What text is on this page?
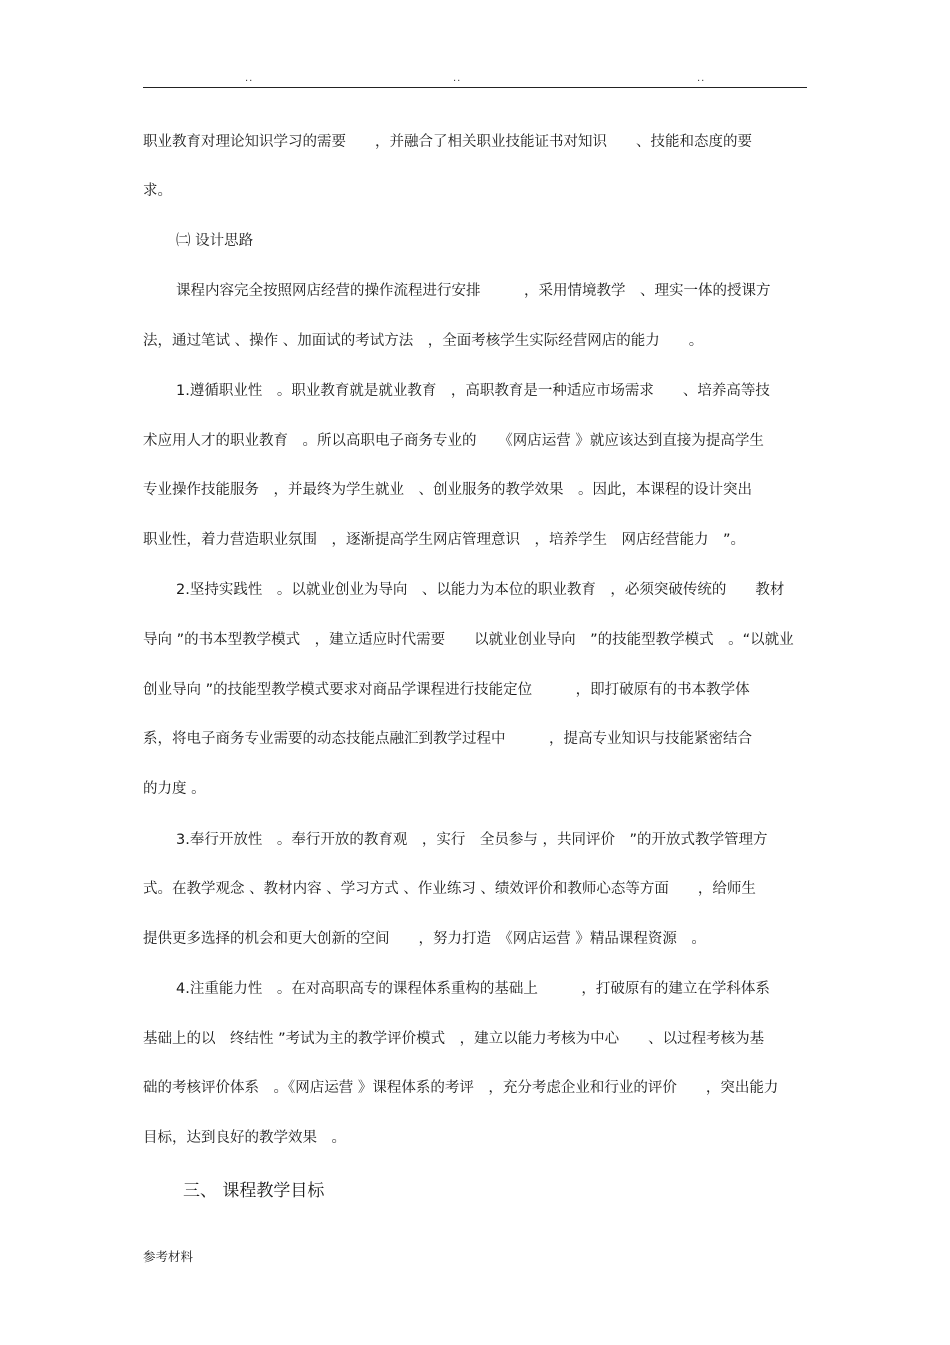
..	..	..
职业教育对理论知识学习的需要　　，并融合了相关职业技能证书对知识　　、技能和态度的要
求。
㈡ 设计思路
课程内容完全按照网店经营的操作流程进行安排　　　，采用情境教学　、理实一体的授课方
法，通过笔试 、操作 、加面试的考试方法　，全面考核学生实际经营网店的能力　　。
1.遵循职业性　。职业教育就是就业教育　，高职教育是一种适应市场需求　　、培养高等技
术应用人才的职业教育　。所以高职电子商务专业的　　《网店运营 》就应该达到直接为提高学生
专业操作技能服务　，并最终为学生就业　、创业服务的教学效果　。因此，本课程的设计突出
职业性，着力营造职业氛围　，逐渐提高学生网店管理意识　，培养学生　网店经营能力　”。
2.坚持实践性　。以就业创业为导向　、以能力为本位的职业教育　，必须突破传统的　　教材
导向 ”的书本型教学模式　，建立适应时代需要　　以就业创业导向　”的技能型教学模式　。“以就业
创业导向 ”的技能型教学模式要求对商品学课程进行技能定位　　　，即打破原有的书本教学体
系，将电子商务专业需要的动态技能点融汇到教学过程中　　　，提高专业知识与技能紧密结合
的力度 。
3.奉行开放性　。奉行开放的教育观　，实行　全员参与 ，共同评价　”的开放式教学管理方
式。在教学观念 、教材内容 、学习方式 、作业练习 、绩效评价和教师心态等方面　　，给师生
提供更多选择的机会和更大创新的空间　　，努力打造　《网店运营 》精品课程资源　。
4.注重能力性　。在对高职高专的课程体系重构的基础上　　　，打破原有的建立在学科体系
基础上的以　终结性 ”考试为主的教学评价模式　，建立以能力考核为中心　　、以过程考核为基
础的考核评价体系　。《网店运营 》课程体系的考评　，充分考虑企业和行业的评价　　，突出能力
目标，达到良好的教学效果　。
三、 课程教学目标
参考材料
